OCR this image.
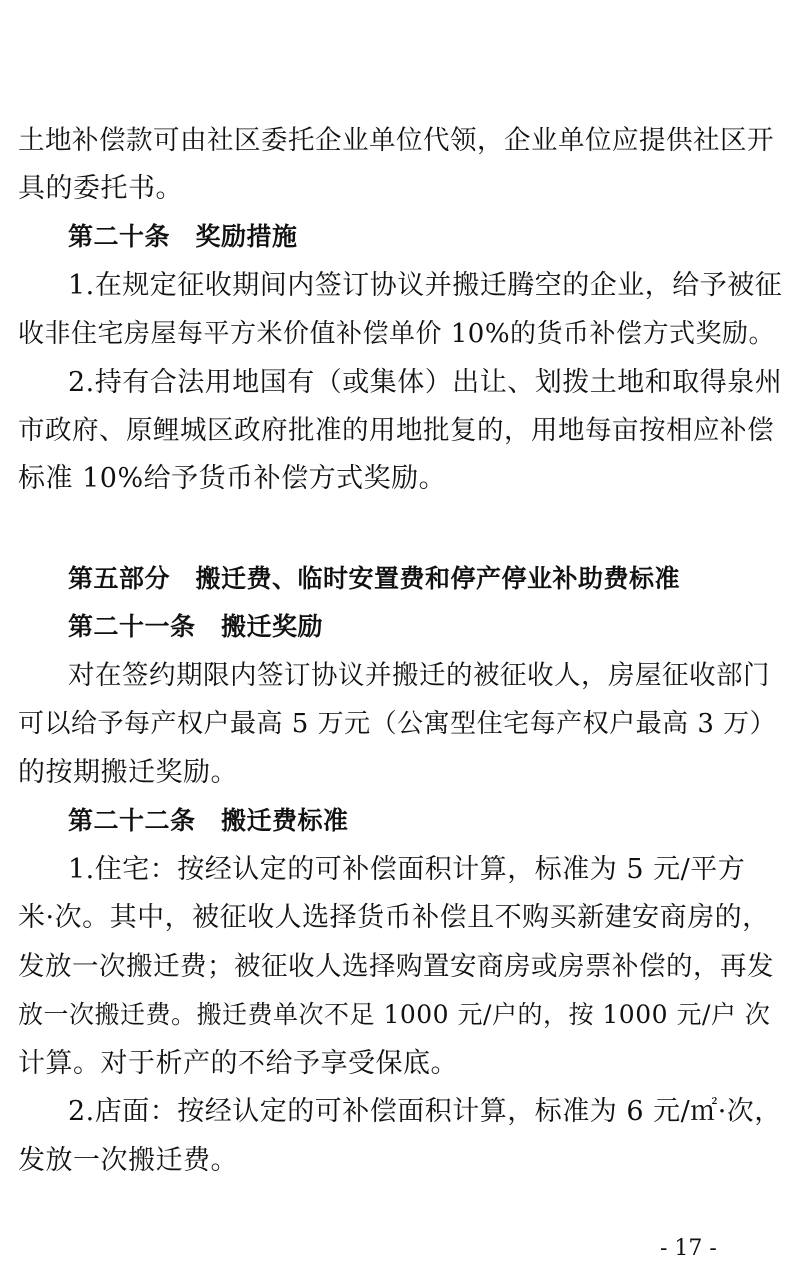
土地补偿款可由社区委托企业单位代领，企业单位应提供社区开
具的委托书。
第二十条　奖励措施
1.在规定征收期间内签订协议并搬迁腾空的企业，给予被征
收非住宅房屋每平方米价值补偿单价 10%的货币补偿方式奖励。
2.持有合法用地国有（或集体）出让、划拨土地和取得泉州
市政府、原鲤城区政府批准的用地批复的，用地每亩按相应补偿
标准 10%给予货币补偿方式奖励。
第五部分　搬迁费、临时安置费和停产停业补助费标准
第二十一条　搬迁奖励
对在签约期限内签订协议并搬迁的被征收人，房屋征收部门
可以给予每产权户最高 5 万元（公寓型住宅每产权户最高 3 万）
的按期搬迁奖励。
第二十二条　搬迁费标准
1.住宅：按经认定的可补偿面积计算，标准为 5 元/平方
米·次。其中，被征收人选择货币补偿且不购买新建安商房的，
发放一次搬迁费；被征收人选择购置安商房或房票补偿的，再发
放一次搬迁费。搬迁费单次不足 1000 元/户的，按 1000 元/户 次
计算。对于析产的不给予享受保底。
2.店面：按经认定的可补偿面积计算，标准为 6 元/㎡·次，
发放一次搬迁费。
- 17 -
